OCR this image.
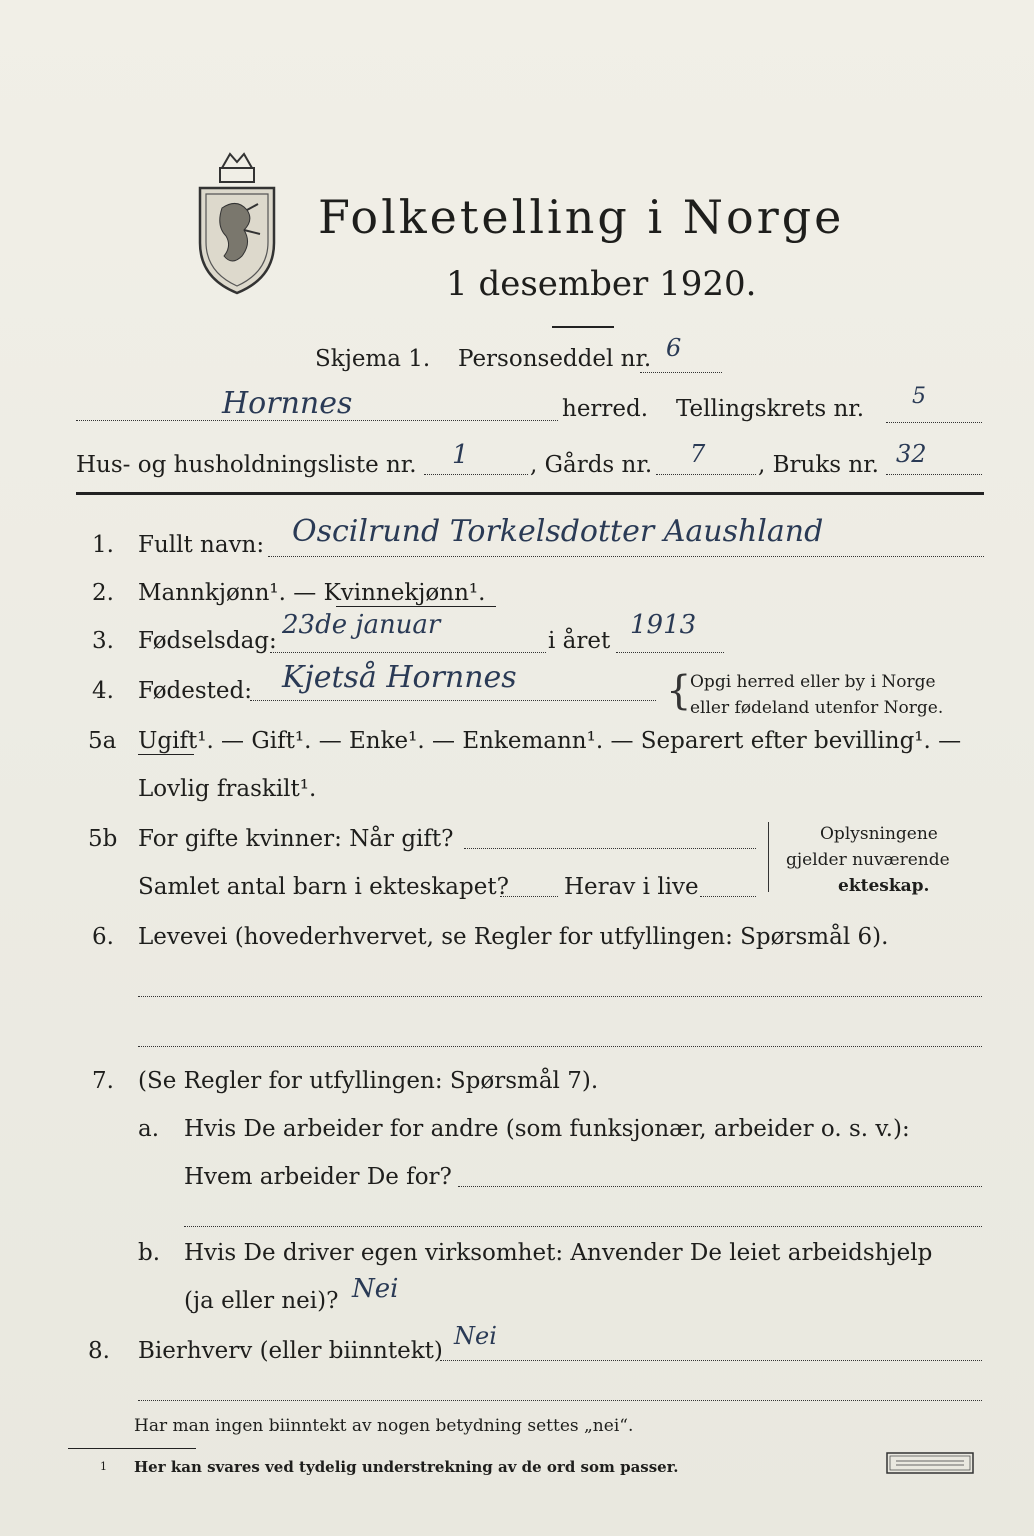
Folketelling i Norge
1 desember 1920.
Skjema 1. Personseddel nr. 6
Hornnes	herred. Tellingskrets nr. 5
Hus- og husholdningsliste nr. 1	, Gårds nr. 7 , Bruks nr. 32
1. Fullt navn: Oscilrund Torkelsdotter Aaushland
2. Mannkjønn¹. — Kvinnekjønn¹.
3. Fødselsdag:
23de januar
i året
1913
4. Fødested: Kjetså Hornnes	{
Opgi herred eller by i Norge
eller fødeland utenfor Norge.
5a Ugift¹. — Gift¹. — Enke¹. — Enkemann¹. — Separert efter bevilling¹. —
Lovlig fraskilt¹.
5b For gifte kvinner: Når gift?
Samlet antal barn i ekteskapet? Herav i live
Oplysningene
gjelder nuværende
ekteskap.
6. Levevei (hovederhvervet, se Regler for utfyllingen: Spørsmål 6).
7. (Se Regler for utfyllingen: Spørsmål 7).
a. Hvis De arbeider for andre (som funksjonær, arbeider o. s. v.):
Hvem arbeider De for?
b. Hvis De driver egen virksomhet: Anvender De leiet arbeidshjelp
(ja eller nei)? Nei
8. Bierhverv (eller biinntekt)
Nei
Har man ingen biinntekt av nogen betydning settes „nei“.
1 Her kan svares ved tydelig understrekning av de ord som passer.
